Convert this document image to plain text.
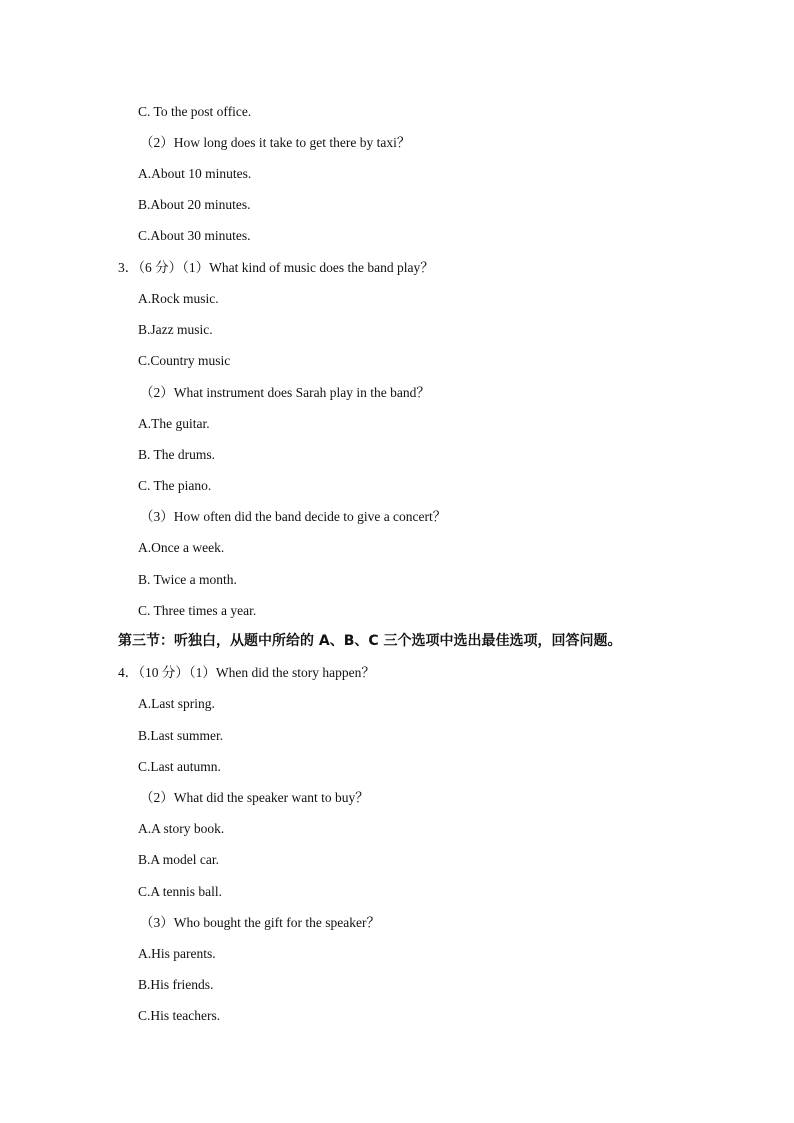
C. To the post office.
（2）How long does it take to get there by taxi？
A.About 10 minutes.
B.About 20 minutes.
C.About 30 minutes.
3．（6 分）（1）What kind of music does the band play？
A.Rock music.
B.Jazz music.
C.Country music
（2）What instrument does Sarah play in the band？
A.The guitar.
B. The drums.
C. The piano.
（3）How often did the band decide to give a concert？
A.Once a week.
B. Twice a month.
C. Three times a year.
第三节：听独白，从题中所给的 A、B、C 三个选项中选出最佳选项，回答问题。
4．（10 分）（1）When did the story happen？
A.Last spring.
B.Last summer.
C.Last autumn.
（2）What did the speaker want to buy？
A.A story book.
B.A model car.
C.A tennis ball.
（3）Who bought the gift for the speaker？
A.His parents.
B.His friends.
C.His teachers.
